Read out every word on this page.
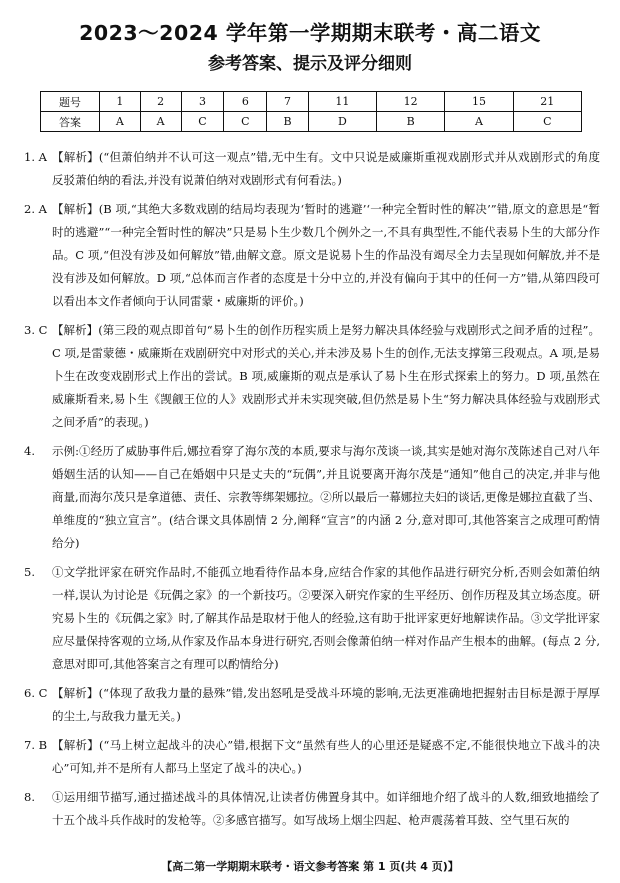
2023～2024 学年第一学期期末联考・高二语文
参考答案、提示及评分细则
题号	1	2	3	6	7	11	12	15	21
答案	A	A	C	C	B	D	B	A	C
1. A 【解析】(“但萧伯纳并不认可这一观点”错,无中生有。文中只说是威廉斯重视戏剧形式并从戏剧形式的角度反驳萧伯纳的看法,并没有说萧伯纳对戏剧形式有何看法。)
2. A 【解析】(B 项,“其绝大多数戏剧的结局均表现为‘暂时的逃避’‘一种完全暂时性的解决’”错,原文的意思是“暂时的逃避”“一种完全暂时性的解决”只是易卜生少数几个例外之一,不具有典型性,不能代表易卜生的大部分作品。C 项,“但没有涉及如何解放”错,曲解文意。原文是说易卜生的作品没有竭尽全力去呈现如何解放,并不是没有涉及如何解放。D 项,“总体而言作者的态度是十分中立的,并没有偏向于其中的任何一方”错,从第四段可以看出本文作者倾向于认同雷蒙・威廉斯的评价。)
3. C 【解析】(第三段的观点即首句“易卜生的创作历程实质上是努力解决具体经验与戏剧形式之间矛盾的过程”。C 项,是雷蒙德・威廉斯在戏剧研究中对形式的关心,并未涉及易卜生的创作,无法支撑第三段观点。A 项,是易卜生在改变戏剧形式上作出的尝试。B 项,威廉斯的观点是承认了易卜生在形式探索上的努力。D 项,虽然在威廉斯看来,易卜生《觊觎王位的人》戏剧形式并未实现突破,但仍然是易卜生“努力解决具体经验与戏剧形式之间矛盾”的表现。)
4. 示例:①经历了威胁事件后,娜拉看穿了海尔茂的本质,要求与海尔茂谈一谈,其实是她对海尔茂陈述自己对八年婚姻生活的认知——自己在婚姻中只是丈夫的“玩偶”,并且说要离开海尔茂是“通知”他自己的决定,并非与他商量,而海尔茂只是拿道德、责任、宗教等绑架娜拉。②所以最后一幕娜拉夫妇的谈话,更像是娜拉直截了当、单维度的“独立宣言”。(结合课文具体剧情 2 分,阐释“宣言”的内涵 2 分,意对即可,其他答案言之成理可酌情给分)
5. ①文学批评家在研究作品时,不能孤立地看待作品本身,应结合作家的其他作品进行研究分析,否则会如萧伯纳一样,误认为讨论是《玩偶之家》的一个新技巧。②要深入研究作家的生平经历、创作历程及其立场态度。研究易卜生的《玩偶之家》时,了解其作品是取材于他人的经验,这有助于批评家更好地解读作品。③文学批评家应尽量保持客观的立场,从作家及作品本身进行研究,否则会像萧伯纳一样对作品产生根本的曲解。(每点 2 分,意思对即可,其他答案言之有理可以酌情给分)
6. C 【解析】(“体现了敌我力量的悬殊”错,发出怒吼是受战斗环境的影响,无法更准确地把握射击目标是源于厚厚的尘土,与敌我力量无关。)
7. B 【解析】(“马上树立起战斗的决心”错,根据下文“虽然有些人的心里还是疑惑不定,不能很快地立下战斗的决心”可知,并不是所有人都马上坚定了战斗的决心。)
8. ①运用细节描写,通过描述战斗的具体情况,让读者仿佛置身其中。如详细地介绍了战斗的人数,细致地描绘了十五个战斗兵作战时的发枪等。②多感官描写。如写战场上烟尘四起、枪声震荡着耳鼓、空气里石灰的
【高二第一学期期末联考・语文参考答案 第 1 页(共 4 页)】
